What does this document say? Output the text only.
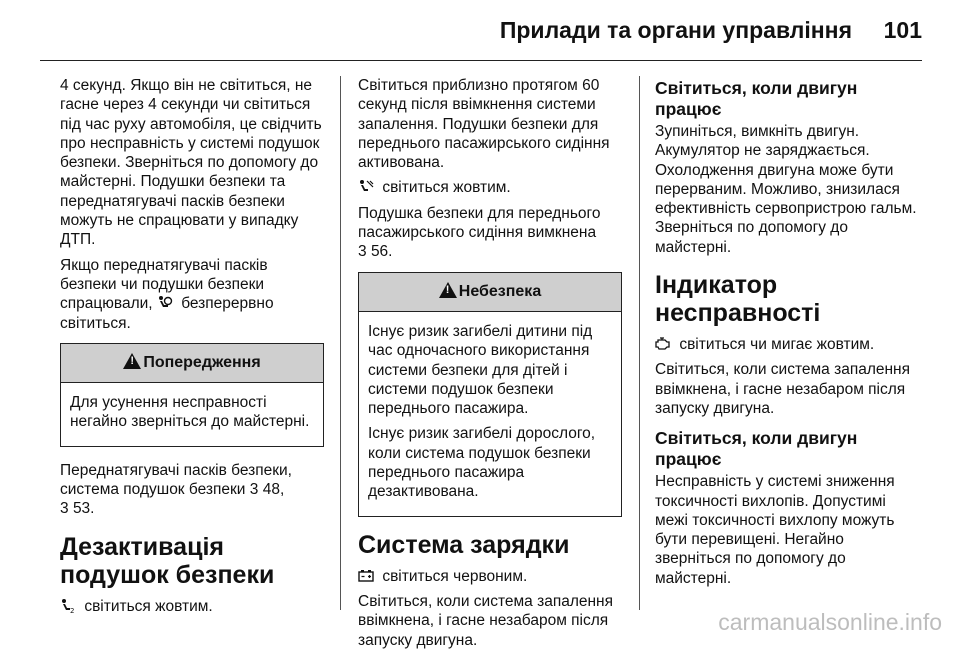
Прилади та органи управління 101

4 секунд. Якщо він не світиться, не гасне через 4 секунди чи світиться під час руху автомобіля, це свідчить про несправність у системі подушок безпеки. Зверніться по допомогу до майстерні. Подушки безпеки та переднатягувачі пасків безпеки можуть не спрацювати у випадку ДТП.

Якщо переднатягувачі пасків безпеки чи подушки безпеки спрацювали, безперервно світиться.

!Попередження

Для усунення несправності негайно зверніться до майстерні.

Переднатягувачі пасків безпеки, система подушок безпеки 3 48,
3 53.

Дезактивація подушок безпеки

2 світиться жовтим.

Світиться приблизно протягом 60 секунд після ввімкнення системи запалення. Подушки безпеки для переднього пасажирського сидіння активована.

світиться жовтим.

Подушка безпеки для переднього пасажирського сидіння вимкнена
3 56.

!Небезпека

Існує ризик загибелі дитини під час одночасного використання системи безпеки для дітей і системи подушок безпеки переднього пасажира.

Існує ризик загибелі дорослого, коли система подушок безпеки переднього пасажира дезактивована.

Система зарядки

світиться червоним.

Світиться, коли система запалення ввімкнена, і гасне незабаром після запуску двигуна.

Світиться, коли двигун працює

Зупиніться, вимкніть двигун. Акумулятор не заряджається. Охолодження двигуна може бути перерваним. Можливо, знизилася ефективність сервопристрою гальм. Зверніться по допомогу до майстерні.

Індикатор несправності

світиться чи мигає жовтим.

Світиться, коли система запалення ввімкнена, і гасне незабаром після запуску двигуна.

Світиться, коли двигун працює

Несправність у системі зниження токсичності вихлопів. Допустимі межі токсичності вихлопу можуть бути перевищені. Негайно зверніться по допомогу до майстерні.

carmanualsonline.info
